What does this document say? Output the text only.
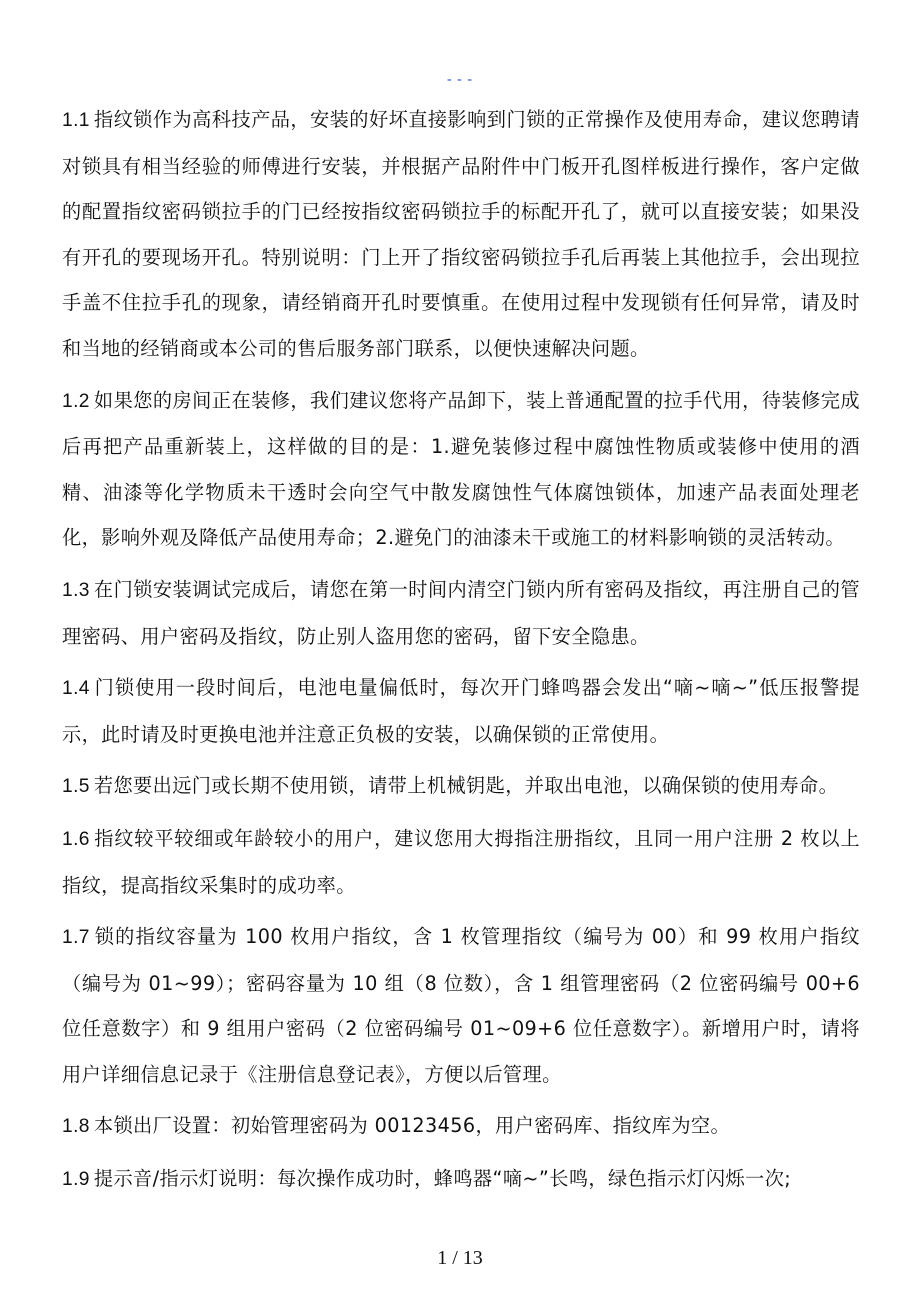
- - -

1.1 指纹锁作为高科技产品，安装的好坏直接影响到门锁的正常操作及使用寿命，建议您聘请对锁具有相当经验的师傅进行安装，并根据产品附件中门板开孔图样板进行操作，客户定做的配置指纹密码锁拉手的门已经按指纹密码锁拉手的标配开孔了，就可以直接安装；如果没有开孔的要现场开孔。特别说明：门上开了指纹密码锁拉手孔后再装上其他拉手，会出现拉手盖不住拉手孔的现象，请经销商开孔时要慎重。在使用过程中发现锁有任何异常，请及时和当地的经销商或本公司的售后服务部门联系，以便快速解决问题。

1.2 如果您的房间正在装修，我们建议您将产品卸下，装上普通配置的拉手代用，待装修完成后再把产品重新装上，这样做的目的是：1.避免装修过程中腐蚀性物质或装修中使用的酒精、油漆等化学物质未干透时会向空气中散发腐蚀性气体腐蚀锁体，加速产品表面处理老化，影响外观及降低产品使用寿命；2.避免门的油漆未干或施工的材料影响锁的灵活转动。

1.3 在门锁安装调试完成后，请您在第一时间内清空门锁内所有密码及指纹，再注册自己的管理密码、用户密码及指纹，防止别人盗用您的密码，留下安全隐患。

1.4 门锁使用一段时间后，电池电量偏低时，每次开门蜂鸣器会发出“嘀~嘀~”低压报警提示，此时请及时更换电池并注意正负极的安装，以确保锁的正常使用。

1.5 若您要出远门或长期不使用锁，请带上机械钥匙，并取出电池，以确保锁的使用寿命。

1.6 指纹较平较细或年龄较小的用户，建议您用大拇指注册指纹，且同一用户注册 2 枚以上指纹，提高指纹采集时的成功率。

1.7 锁的指纹容量为 100 枚用户指纹，含 1 枚管理指纹（编号为 00）和 99 枚用户指纹（编号为 01~99）；密码容量为 10 组（8 位数），含 1 组管理密码（2 位密码编号 00+6 位任意数字）和 9 组用户密码（2 位密码编号 01~09+6 位任意数字）。新增用户时，请将用户详细信息记录于《注册信息登记表》，方便以后管理。

1.8 本锁出厂设置：初始管理密码为 00123456，用户密码库、指纹库为空。

1.9 提示音/指示灯说明：每次操作成功时，蜂鸣器“嘀~”长鸣，绿色指示灯闪烁一次;

1 / 13
